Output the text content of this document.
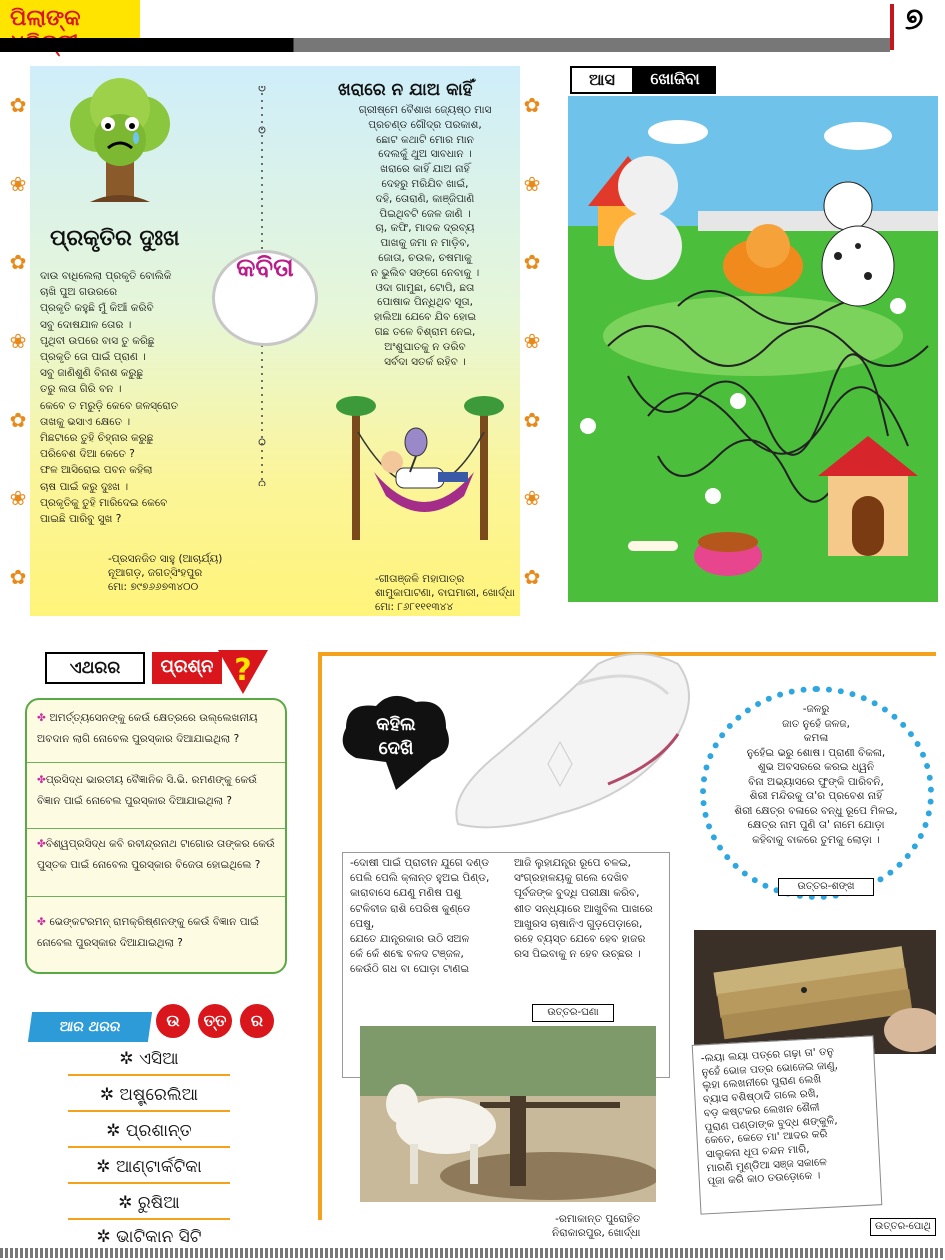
ପିଲାଙ୍କ	୭
✿
❀
✿
❀
✿
❀
✿
✿
❀
✿
❀
✿
❀
✿
ପ୍ରକୃତିର ଦୁଃଖ
ଦାଉ ବାଧିଲେଲା ପ୍ରକୃତି ବୋଲିକି
ଚାଖି ପୁଅ ଗଉରରେ
ପ୍ରକୃତି କହୁଛି ମୁଁ କିଆଁ କରିବି
ସବୁ ଦୋଷଯାଳ ତୋର ।
ପୃଥିବୀ ଉପରେ ବାସ ତୁ କରିଛୁ
ପ୍ରକୃତି ତୋ ପାଇଁ ପ୍ରାଣ ।
ସବୁ ଜାଣିଶୁଣି ବିନାଶ କରୁଛୁ
ତରୁ ଲତା ଗିରି ବନ ।
କେବେ ତ ମରୁଡ଼ି କେବେ ଜଳସ୍ରୋତ
ତାଖକୁ ଭସାଏ କ୍ଷେତେ ।
ମିଛଟାରେ ତୁହି ଚିହ୍ନାର କରୁଛୁ
ପରିବେଶ ଦିଆ କେତେ ?
ଫଳ ଆସିରୋଇ ପବନ କହିଲା
ଚାଷ ପାଇଁ କରୁ ଦୁଃଖ ।
ପ୍ରକୃତିକୁ ତୁହି ମାରିଦେଇ କେବେ
ପାଇଛି ପାରିବୁ ସୁଖ ?
-ପ୍ରସନଜିତ ସାହୁ (ଆଚାର୍ଯ୍ୟ)
ନୂଆଗଡ଼, ଜଗତ୍‌ସିଂହପୁର
ମୋ: ୭୯୭୬୬୭୩୪୦୦
କବିତା
ଖରାରେ ନ ଯାଅ କାହିଁ
ଗ୍ରୀଷ୍ମେ ବୈଶାଖ ଜ୍ୟେଷ୍ଠ ମାସ
ପ୍ରଚଣ୍ଡ ଗୌଦ୍ର ପରକାଶ,
ଛୋଟ କଥାଟି ମୋର ମାନ
ଦେଲକୁଁ ଥୁଅ ସାବଧାନ ।
ଖରାରେ କାହିଁ ଯାଅ ନାହିଁ
ଦେହରୁ ମରିଯିବ ଖାଇଁ,
ଦହି, ତୋରାଣି, କାଞ୍ଜିପାଣି
ପିଇଥିବଟି ଜେଳ ଜାଣି ।
ଚା, କଫି, ମାଦକ ଦ୍ରବ୍ୟ
ପାଖକୁ ଜମା ନ ମାଡ଼ିବ,
ଜୋତା, ଚଉଳ, ଚଷମାକୁ
ନ ଭୁଲିବ ସଙ୍ଗେ ନେବାକୁ ।
ଓଦା ଗାମୁଛା, ଟୋପି, ଛତା
ପୋଷାକ ପିନ୍ଧିଥିବ ସୂତା,
ହାଲିଆ ଯେବେ ଯିବ ହୋଇ
ଗଛ ତଳେ ବିଶ୍ରାମ ନେଇ,
ଅଂଶୁଘାତକୁ ନ ଡରିବ
ସର୍ବଦା ସତର୍କ ରହିବ ।
-ଗୀତାଞ୍ଜଳି ମହାପାତ୍ର
ଶାମୁକାପାଟଣା, ବାଘମାରୀ, ଖୋର୍ଦ୍ଧା
ମୋ: ୮୬୮୧୧୧୩୪୪
ଆସ	ଖୋଜିବା
ଏଥରର	ପ୍ରଶ୍ନ ?
✤ ଅମର୍ତ୍ତ୍ୟସେନଙ୍କୁ କେଉଁ କ୍ଷେତ୍ରରେ ଉଲ୍ଲେଖନୀୟ ଅବଦାନ ଲାଗି ନୋବେଲ ପୁରସ୍କାର ଦିଆଯାଇଥିଲା ?
✤ପ୍ରସିଦ୍ଧ ଭାରତୀୟ ବୈଜ୍ଞାନିକ ସି.ଭି. ରମଣଙ୍କୁ କେଉଁ ବିଜ୍ଞାନ ପାଇଁ ନୋବେଲ ପୁରସ୍କାର ଦିଆଯାଇଥିଲା ?
✤ବିଶ୍ୱପ୍ରସିଦ୍ଧ କବି ରବୀନ୍ଦ୍ରନାଥ ଟାଗୋର ତାଙ୍କର କେଉଁ ପୁସ୍ତକ ପାଇଁ ନୋବେଲ ପୁରସ୍କାର ବିଜେତା ହୋଇଥିଲେ ?
✤ ଭେଙ୍କଟରମନ୍ ରାମକ୍ରିଷ୍ଣନଙ୍କୁ କେଉଁ ବିଜ୍ଞାନ ପାଇଁ ନୋବେଲ ପୁରସ୍କାର ଦିଆଯାଇଥିଲା ?
ଆର ଥରର	ଉ	ତ୍ତ	ର
✲ ଏସିଆ
✲ ଅଷ୍ଟ୍ରେଲିଆ
✲ ପ୍ରଶାନ୍ତ
✲ ଆଣ୍ଟାର୍କଟିକା
✲ ରୁଷିଆ
✲ ଭାଟିକାନ ସିଟି
କହିଲ
ଦେଖି
-ଜଳରୁ
ଜାତ ନୁହେଁ ଜଳଜ,
କମଳା
ନୁହେଁଇ ଭରୁ ଶୋଷ। ପ୍ରାଣୀ ବିକଳା,
ଶୁଭ ଅବସରରେ କରଇ ଧ୍ୱନି
ବିନା ଅଭ୍ୟାସରେ ଫୁଙ୍କି ପାରିବନି,
ଶିରୀ ମନ୍ଦିରକୁ ତା'ର ପ୍ରବେଶ ନାହିଁ
ଶିରୀ କ୍ଷେତ୍ର ବଳାରେ ବନ୍ଧୁ ରୂପେ ମିଳଇ,
କ୍ଷେତ୍ର ନାମ ପୁଣି ତା' ନାମେ ଯୋଡ଼ା
କହିବାକୁ ବାକରେ ତୁମକୁ ଲୋଡ଼ା ।
ଉତ୍ତର-ଶଙ୍ଖ
-ଦୋଷୀ ପାଇଁ ପ୍ରାଚୀନ ଯୁଗେ ଦଣ୍ଡ
ପେଲି ପେଲି କ୍ଳାନ୍ତ ହୁଅଇ ପିଣ୍ଡ,
କାରାବାସେ ଯେଣୁ ମଣିଷ ପଶୁ
ଟେଳିବୀଜ ରାଶି ପେରିଷ କୁଣ୍ଡେ
ପେଷୁ,
ଯେତେ ଯାନ୍ତ୍ରକାର ଉଠି ସଅଳ
କେଁ କେଁ ଶବ୍ଦେ ବଳଦ ଟଞ୍ଜଳ,
କେଉଁଠି ଗଧ ବା ଘୋଡ଼ା ଟାଣଇ
ଆଜି ଲୁହାଯନ୍ତ୍ର ରୂପେ ଚଳଇ,
ସଂଗ୍ରହାଳୟକୁ ଗଲେ ଦେଖିବ
ପୂର୍ବଜଙ୍କ ବୁଦ୍ଧି ପରୀକ୍ଷା କରିବ,
ଶୀତ ସନ୍ଧ୍ୟାରେ ଆଖୁବିଲ ପାଖରେ
ଆଖୁରସ ଚାଷାନିଏ ଗୁଡ଼ପେଡ଼ାରେ,
ରହେ ବ୍ୟସ୍ତ ଯେବେ ହେବ ହାଜର
ରସ ପିଇବାକୁ ନ ହେବ ଉଚ୍ଛର ।
ଉତ୍ତର-ଘଣା
-ରମାକାନ୍ତ ପୁରୋହିତ
ନିରାକାରପୁର, ଖୋର୍ଦ୍ଧା
-ଲୟା ଲୟା ପତ୍ରେ ଗଢ଼ା ତା' ତନୁ
ନୁହେଁ ଭୋଜ ପତ୍ର ଭୋଜେଇ ଜାଣୁ,
ଲୁହା ଲେଖନୀରେ ପୁରାଣ ଲେଖି
ବ୍ୟାସ ବଶିଷ୍ଠାଦି ଗଲେ ରଖି,
ବଡ଼ କଷ୍ଟକର ଲେଖନ ଶୈଳୀ
ପୁରାଣ ପଣ୍ଡାଙ୍କ ବୁଦ୍ଧ ଶଙ୍କୁଳି,
କେତେ, କେତେ ମା' ଆଦର କରି
ସାଲୁକନା ଧୂପ ଚନ୍ଦନ ମାରି,
ମାରଣି ମୁଣ୍ଡିଆ ସଞ୍ଜ ସକାଳେ
ପୂଜା କରି କାଠ ତଉଡ଼ୋକେ ।
ଉତ୍ତର-ପୋଥି
